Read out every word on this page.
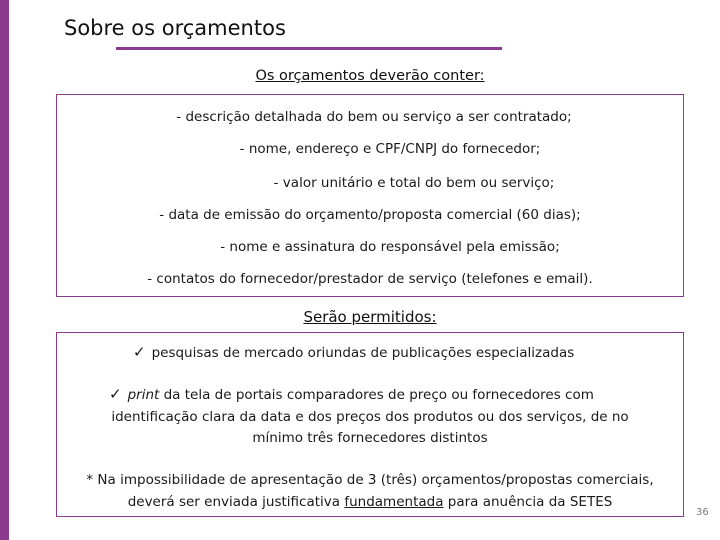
Sobre os orçamentos
Os orçamentos deverão conter:
- descrição detalhada do bem ou serviço a ser contratado;
- nome, endereço e CPF/CNPJ do fornecedor;
- valor unitário e total do bem ou serviço;
- data de emissão do orçamento/proposta comercial (60 dias);
- nome e assinatura do responsável pela emissão;
- contatos do fornecedor/prestador de serviço (telefones e email).
Serão permitidos:
✓ pesquisas de mercado oriundas de publicações especializadas
✓ print da tela de portais comparadores de preço ou fornecedores com
identificação clara da data e dos preços dos produtos ou dos serviços, de no
mínimo três fornecedores distintos
* Na impossibilidade de apresentação de 3 (três) orçamentos/propostas comerciais,
deverá ser enviada justificativa fundamentada para anuência da SETES
36
